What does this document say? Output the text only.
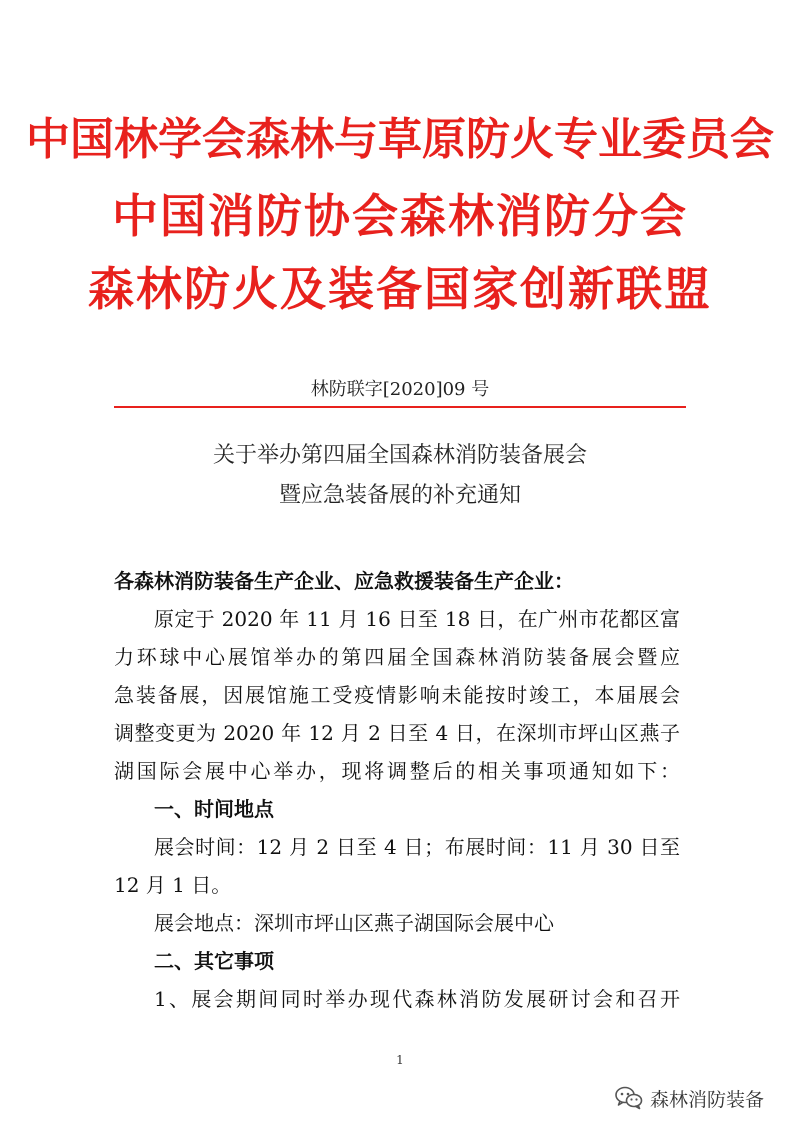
中国林学会森林与草原防火专业委员会
中国消防协会森林消防分会
森林防火及装备国家创新联盟
林防联字[2020]09 号
关于举办第四届全国森林消防装备展会
暨应急装备展的补充通知
各森林消防装备生产企业、应急救援装备生产企业：
原定于 2020 年 11 月 16 日至 18 日，在广州市花都区富
力环球中心展馆举办的第四届全国森林消防装备展会暨应
急装备展，因展馆施工受疫情影响未能按时竣工，本届展会
调整变更为 2020 年 12 月 2 日至 4 日，在深圳市坪山区燕子
湖国际会展中心举办，现将调整后的相关事项通知如下：
一、时间地点
展会时间：12 月 2 日至 4 日；布展时间：11 月 30 日至
12 月 1 日。
展会地点：深圳市坪山区燕子湖国际会展中心
二、其它事项
1、展会期间同时举办现代森林消防发展研讨会和召开
1
森林消防装备
